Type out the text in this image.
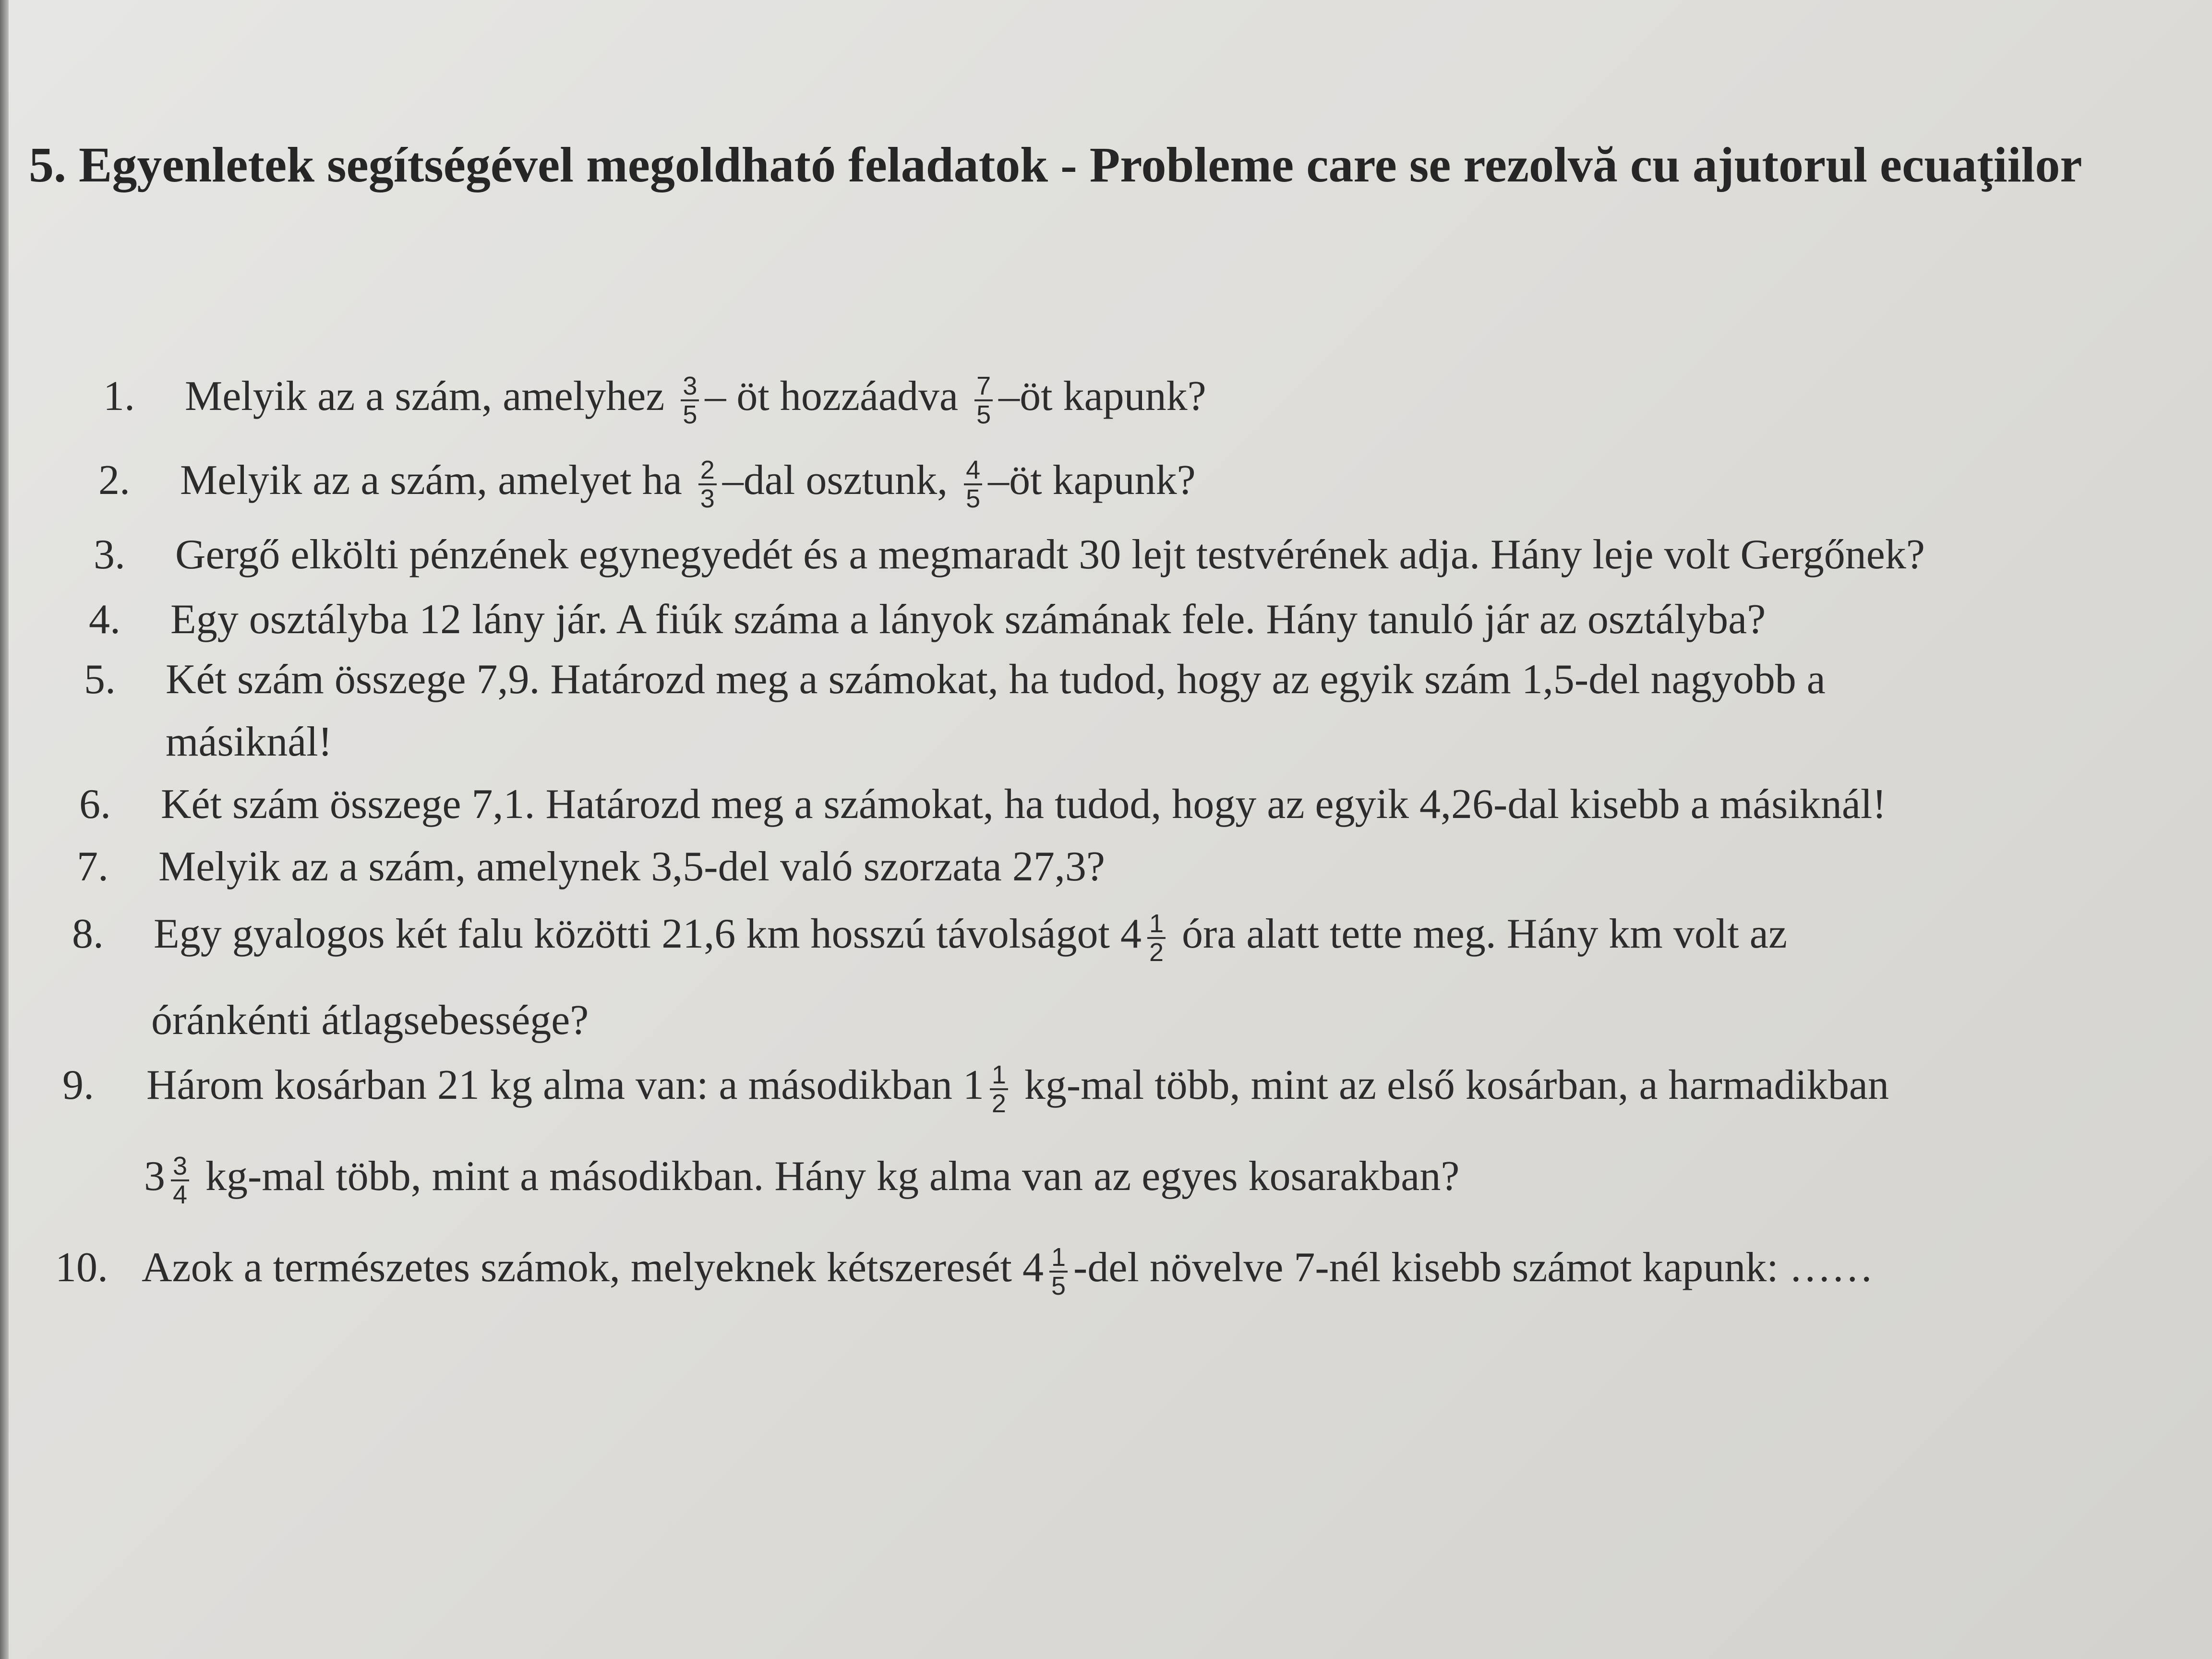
5. Egyenletek segítségével megoldható feladatok - Probleme care se rezolvă cu ajutorul ecuaţiilor
1. Melyik az a szám, amelyhez $\frac{3}{5}$ – öt hozzáadva $\frac{7}{5}$ –öt kapunk?
2. Melyik az a szám, amelyet ha $\frac{2}{3} -dal$ osztunk, $\frac{4}{5}$ –öt kapunk?
3. Gergő elkölti pénzének egynegyedét és a megmaradt 30 lejt testvérének adja. Hány leje volt Gergőnek?
4. Egy osztályba 12 lány jár. A fiúk száma a lányok számának fele. Hány tanuló jár az osztályba?
5. Két szám összege 7,9. Határozd meg a számokat, ha tudod, hogy az egyik szám 1,5-del nagyobb a
másiknál!
6. Két szám összege 7,1. Határozd meg a számokat, ha tudod, hogy az egyik 4,26-dal kisebb a másiknál!
7. Melyik az a szám, amelynek 3,5-del való szorzata 27,3?
8. Egy gyalogos két falu közötti 21,6 km hosszú távolságot $4 \frac{1}{2}$ óra alatt tette meg. Hány km volt az
óránkénti átlagsebessége?
9. Három kosárban 21 kg alma van: a másodikban $1 \frac{1}{2} kg-mal$ több, mint az első kosárban, a harmadikban
$3 \frac{3}{4} kg-mal$ több, mint a másodikban. Hány kg alma van az egyes kosarakban?
10. Azok a természetes számok, melyeknek kétszeresét $4 \frac{1}{5} -del$ növelve 7-nél kisebb számot kapunk: ……
